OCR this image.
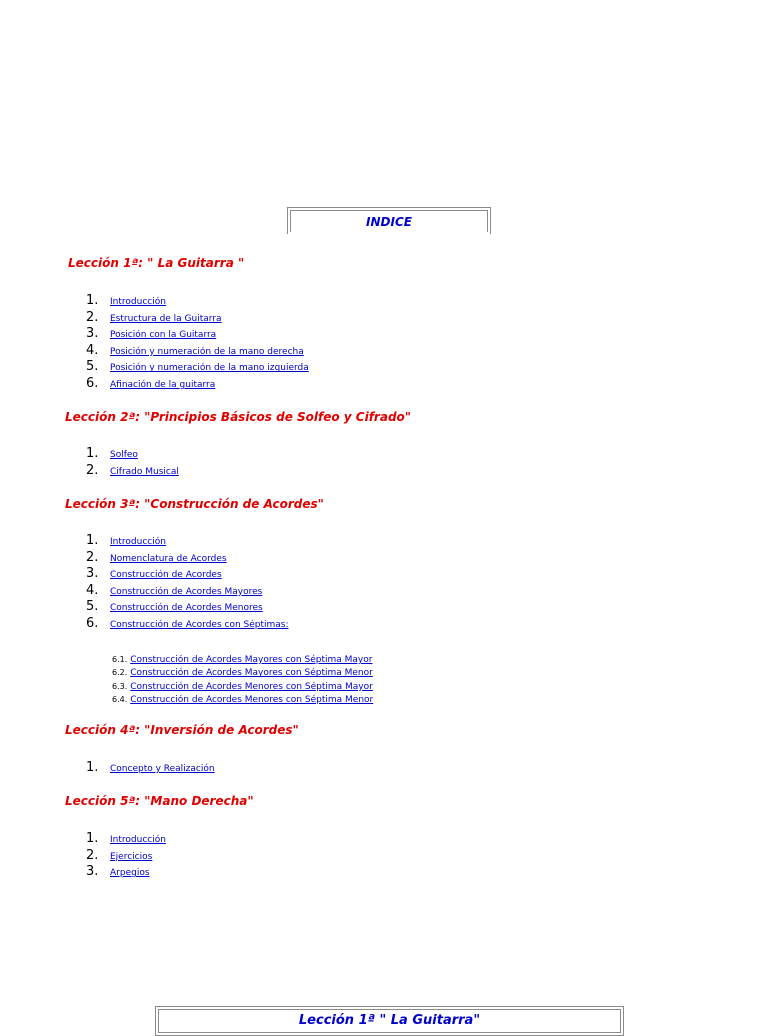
INDICE
Lección 1ª: " La Guitarra "
1. Introducción
2. Estructura de la Guitarra
3. Posición con la Guitarra
4. Posición y numeración de la mano derecha
5. Posición y numeración de la mano izquierda
6. Afinación de la guitarra
Lección 2ª: "Principios Básicos de Solfeo y Cifrado"
1. Solfeo
2. Cifrado Musical
Lección 3ª: "Construcción de Acordes"
1. Introducción
2. Nomenclatura de Acordes
3. Construcción de Acordes
4. Construcción de Acordes Mayores
5. Construcción de Acordes Menores
6. Construcción de Acordes con Séptimas:
6.1. Construcción de Acordes Mayores con Séptima Mayor
6.2. Construcción de Acordes Mayores con Séptima Menor
6.3. Construcción de Acordes Menores con Séptima Mayor
6.4. Construcción de Acordes Menores con Séptima Menor
Lección 4ª: "Inversión de Acordes"
1. Concepto y Realización
Lección 5ª: "Mano Derecha"
1. Introducción
2. Ejercicios
3. Arpegios
Lección 1ª " La Guitarra"
